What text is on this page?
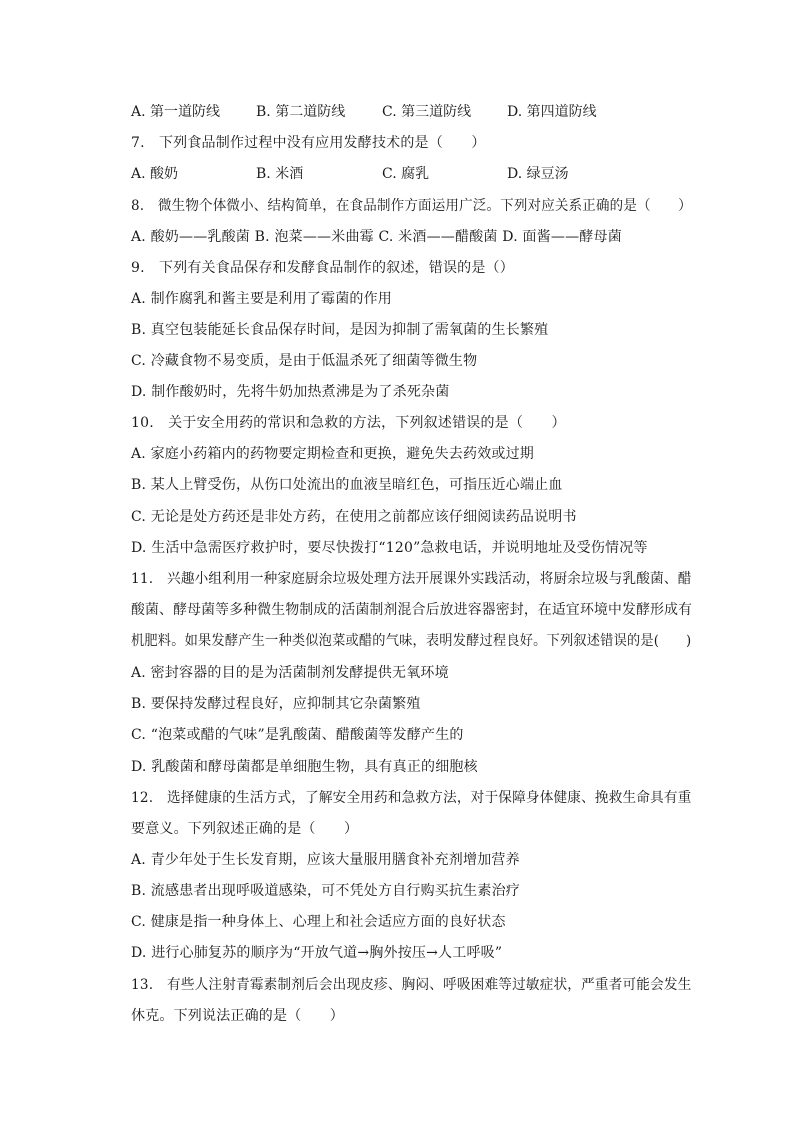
A. 第一道防线	B. 第二道防线	C. 第三道防线	D. 第四道防线
7.　下列食品制作过程中没有应用发酵技术的是（　　）
A. 酸奶	B. 米酒	C. 腐乳	D. 绿豆汤
8.　微生物个体微小、结构简单，在食品制作方面运用广泛。下列对应关系正确的是（　　）
A. 酸奶——乳酸菌 B. 泡菜——米曲霉 C. 米酒——醋酸菌 D. 面酱——酵母菌
9.　下列有关食品保存和发酵食品制作的叙述，错误的是（）
A. 制作腐乳和酱主要是利用了霉菌的作用
B. 真空包装能延长食品保存时间，是因为抑制了需氧菌的生长繁殖
C. 冷藏食物不易变质，是由于低温杀死了细菌等微生物
D. 制作酸奶时，先将牛奶加热煮沸是为了杀死杂菌
10.　关于安全用药的常识和急救的方法，下列叙述错误的是（　　）
A. 家庭小药箱内的药物要定期检查和更换，避免失去药效或过期
B. 某人上臂受伤，从伤口处流出的血液呈暗红色，可指压近心端止血
C. 无论是处方药还是非处方药，在使用之前都应该仔细阅读药品说明书
D. 生活中急需医疗救护时，要尽快拨打“120”急救电话，并说明地址及受伤情况等
11.　兴趣小组利用一种家庭厨余垃圾处理方法开展课外实践活动，将厨余垃圾与乳酸菌、醋
酸菌、酵母菌等多种微生物制成的活菌制剂混合后放进容器密封，在适宜环境中发酵形成有
机肥料。如果发酵产生一种类似泡菜或醋的气味，表明发酵过程良好。下列叙述错误的是(　　)
A. 密封容器的目的是为活菌制剂发酵提供无氧环境
B. 要保持发酵过程良好，应抑制其它杂菌繁殖
C. “泡菜或醋的气味”是乳酸菌、醋酸菌等发酵产生的
D. 乳酸菌和酵母菌都是单细胞生物，具有真正的细胞核
12.　选择健康的生活方式，了解安全用药和急救方法，对于保障身体健康、挽救生命具有重
要意义。下列叙述正确的是（　　）
A. 青少年处于生长发育期，应该大量服用膳食补充剂增加营养
B. 流感患者出现呼吸道感染，可不凭处方自行购买抗生素治疗
C. 健康是指一种身体上、心理上和社会适应方面的良好状态
D. 进行心肺复苏的顺序为“开放气道→胸外按压→人工呼吸”
13.　有些人注射青霉素制剂后会出现皮疹、胸闷、呼吸困难等过敏症状，严重者可能会发生
休克。下列说法正确的是（　　）
